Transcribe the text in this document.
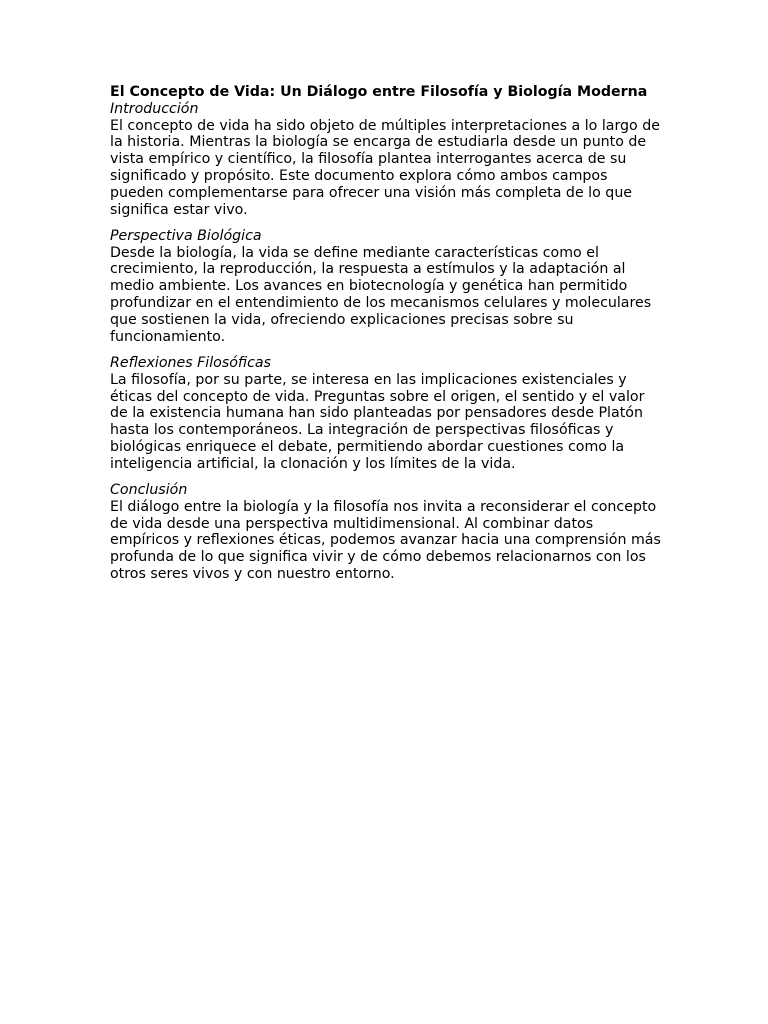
El Concepto de Vida: Un Diálogo entre Filosofía y Biología Moderna
Introducción

El concepto de vida ha sido objeto de múltiples interpretaciones a lo largo de la historia. Mientras la biología se encarga de estudiarla desde un punto de vista empírico y científico, la filosofía plantea interrogantes acerca de su significado y propósito. Este documento explora cómo ambos campos pueden complementarse para ofrecer una visión más completa de lo que significa estar vivo.

Perspectiva Biológica

Desde la biología, la vida se define mediante características como el crecimiento, la reproducción, la respuesta a estímulos y la adaptación al medio ambiente. Los avances en biotecnología y genética han permitido profundizar en el entendimiento de los mecanismos celulares y moleculares que sostienen la vida, ofreciendo explicaciones precisas sobre su funcionamiento.

Reflexiones Filosóficas

La filosofía, por su parte, se interesa en las implicaciones existenciales y éticas del concepto de vida. Preguntas sobre el origen, el sentido y el valor de la existencia humana han sido planteadas por pensadores desde Platón hasta los contemporáneos. La integración de perspectivas filosóficas y biológicas enriquece el debate, permitiendo abordar cuestiones como la inteligencia artificial, la clonación y los límites de la vida.

Conclusión

El diálogo entre la biología y la filosofía nos invita a reconsiderar el concepto de vida desde una perspectiva multidimensional. Al combinar datos empíricos y reflexiones éticas, podemos avanzar hacia una comprensión más profunda de lo que significa vivir y de cómo debemos relacionarnos con los otros seres vivos y con nuestro entorno.
